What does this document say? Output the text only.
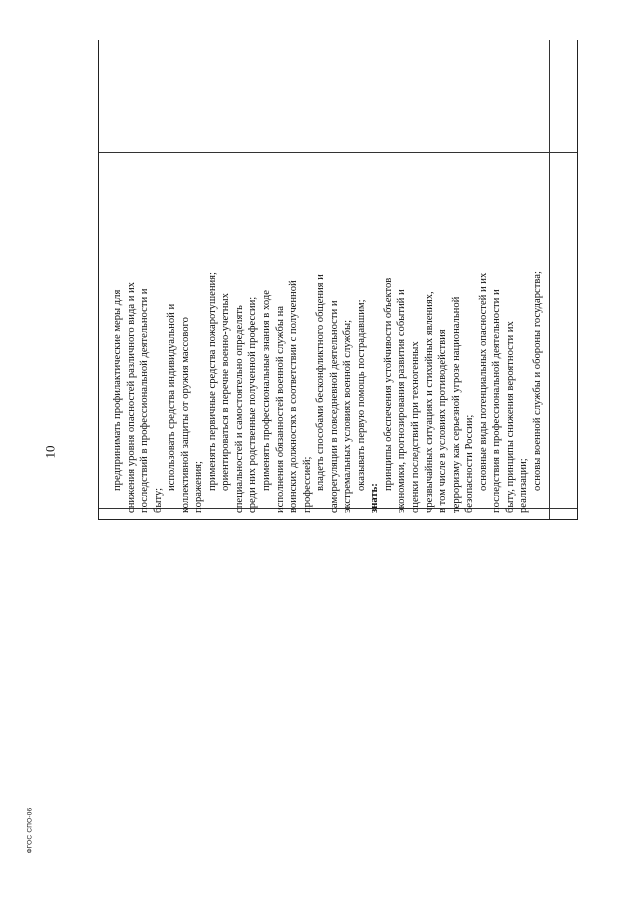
10	предпринимать профилактические меры для снижения уровня опасностей различного вида и их последствий в профессиональной деятельности и быту;
использовать средства индивидуальной и коллективной защиты от оружия массового поражения; применять первичные средства пожаротушения; ориентироваться в перечне военно-учетных специальностей и самостоятельно определять среди них родственные полученной профессии; применять профессиональные знания в ходе исполнения обязанностей военной службы на воинских должностях в соответствии с полученной профессией; владеть способами бесконфликтного общения и саморегуляции в повседневной деятельности и экстремальных условиях военной службы; оказывать первую помощь пострадавшим;
знать:
принципы обеспечения устойчивости объектов экономики, прогнозирования развития событий и оценки последствий при техногенных чрезвычайных ситуациях и стихийных явлениях, в том числе в условиях противодействия терроризму как серьезной угрозе национальной безопасности России; основные виды потенциальных опасностей и их последствия в профессиональной деятельности и быту, принципы снижения вероятности их реализации; основы военной службы и обороны государства;
ФГОС СПО-06
